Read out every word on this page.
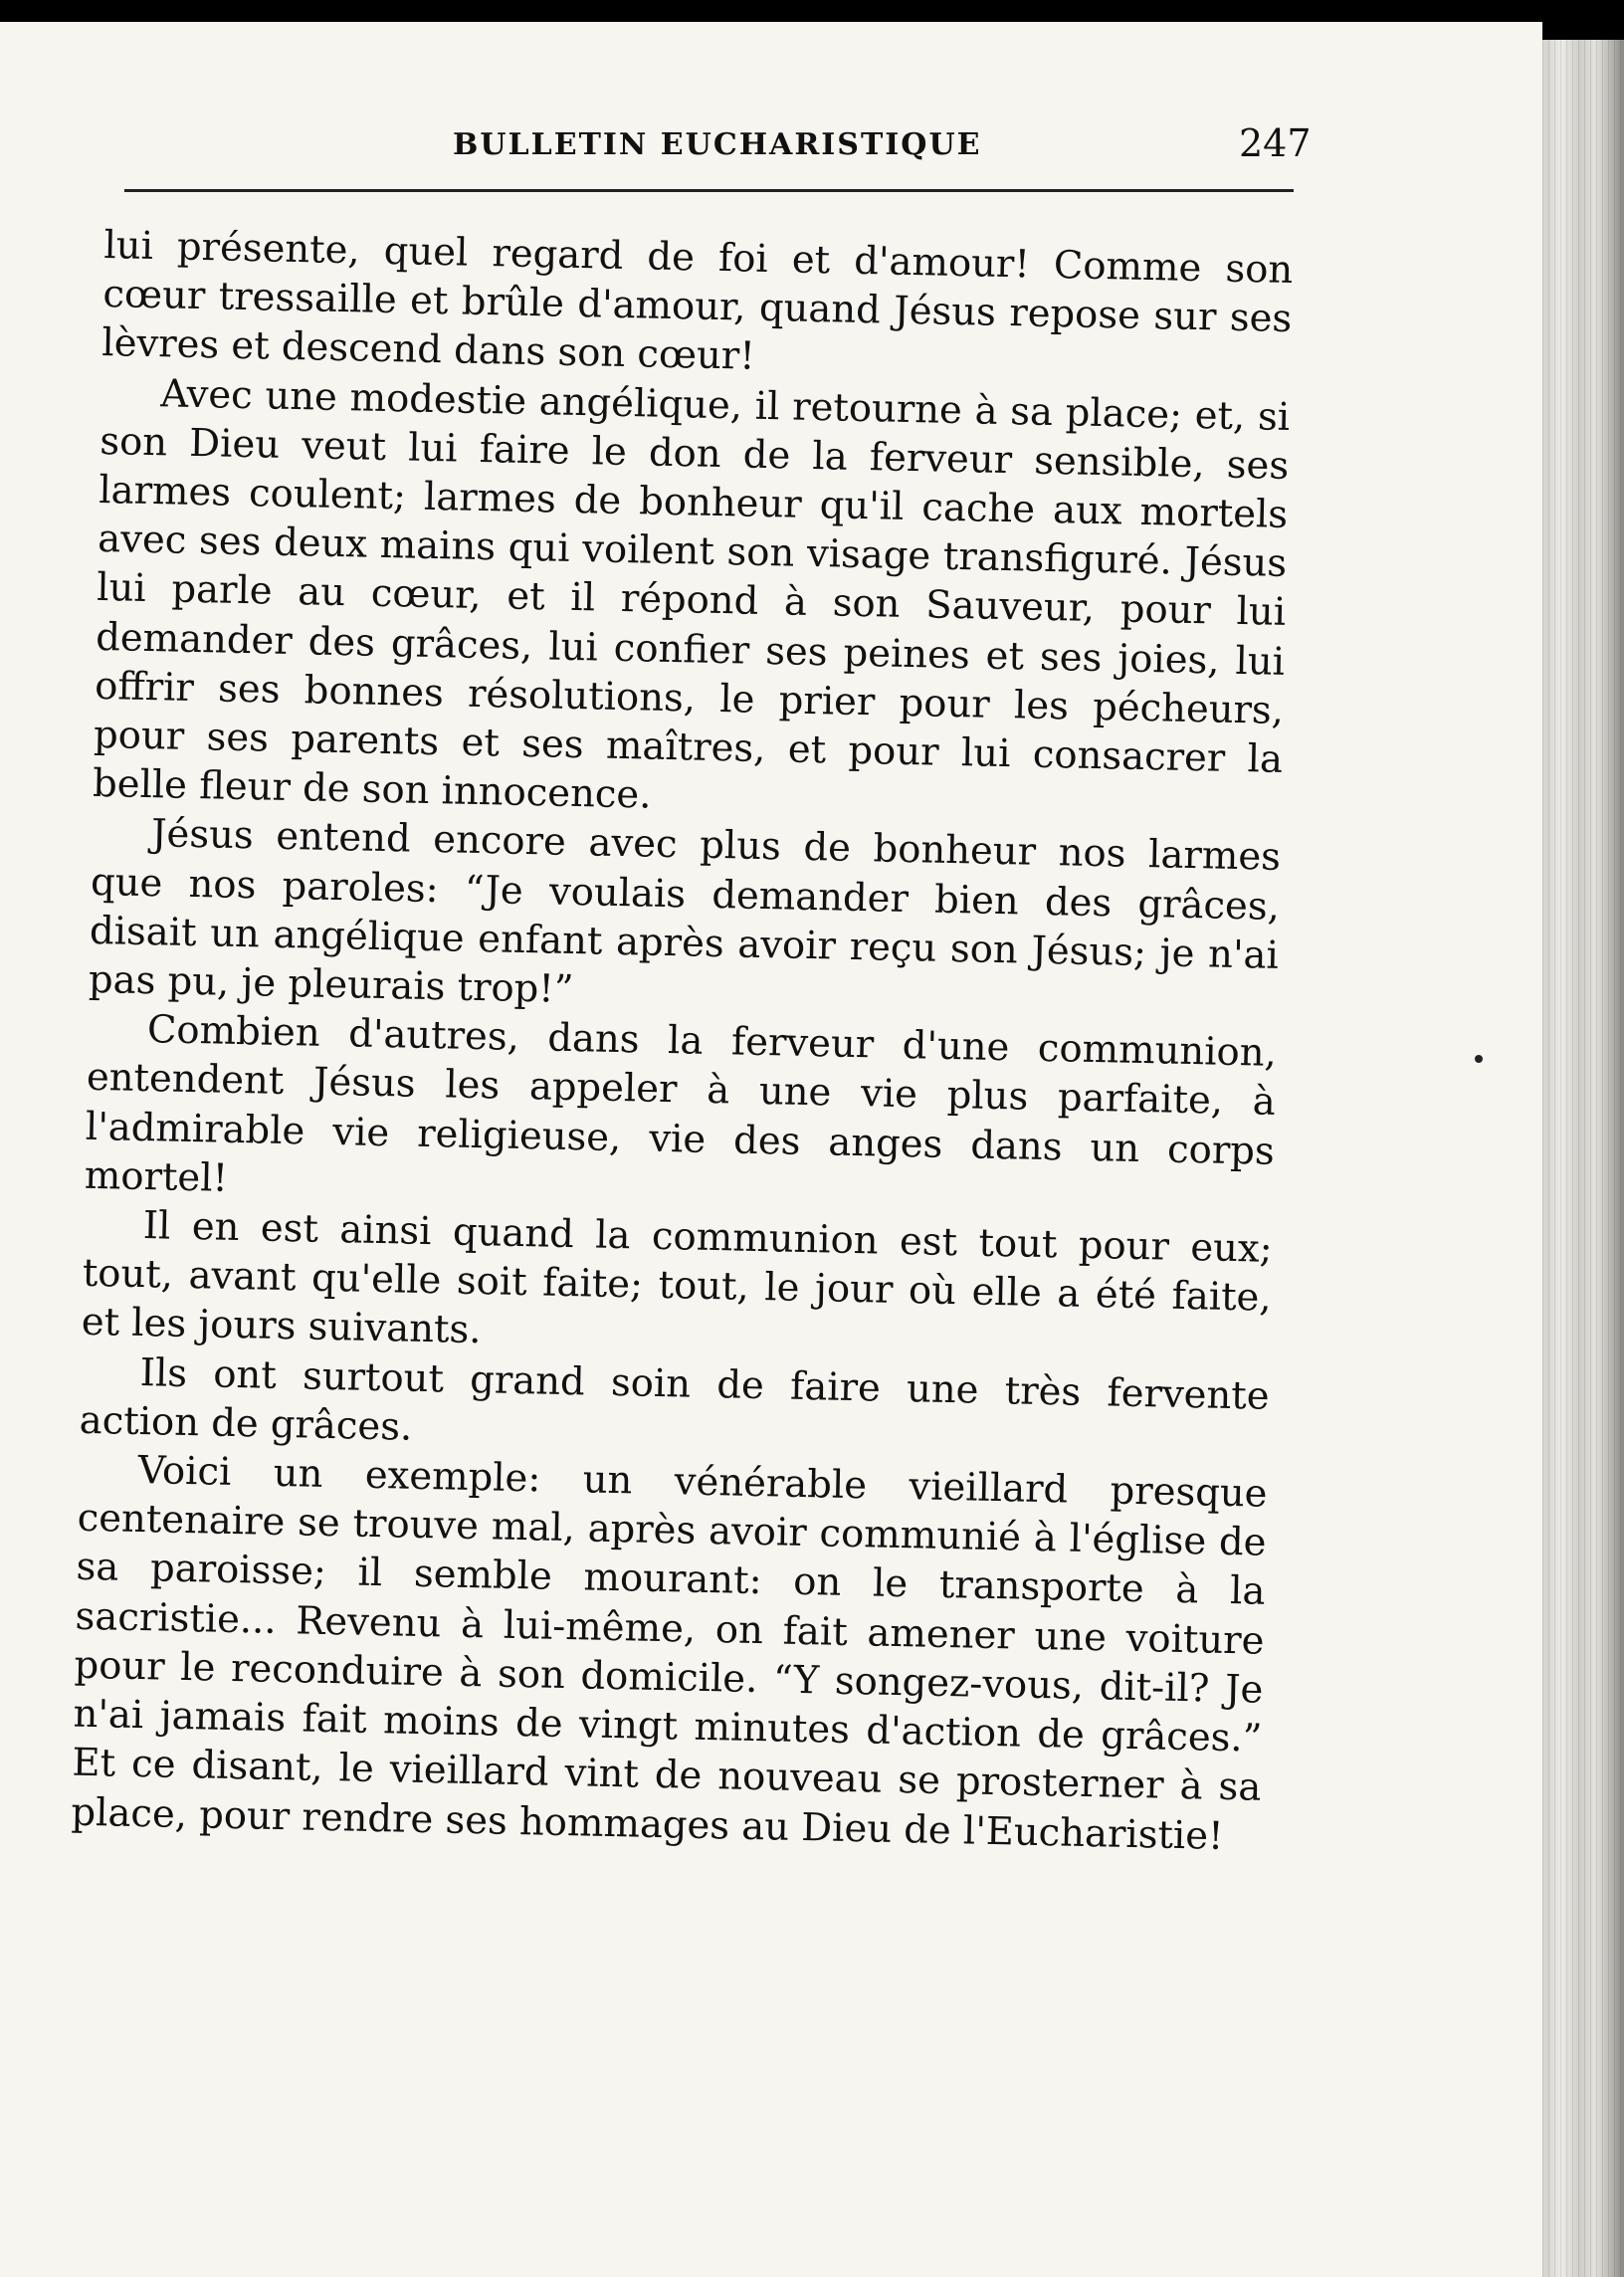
BULLETIN EUCHARISTIQUE	247

lui présente, quel regard de foi et d'amour! Comme son cœur tressaille et brûle d'amour, quand Jésus repose sur ses lèvres et descend dans son cœur!

Avec une modestie angélique, il retourne à sa place; et, si son Dieu veut lui faire le don de la ferveur sensible, ses larmes coulent; larmes de bonheur qu'il cache aux mortels avec ses deux mains qui voilent son visage transfiguré. Jésus lui parle au cœur, et il répond à son Sauveur, pour lui demander des grâces, lui confier ses peines et ses joies, lui offrir ses bonnes résolutions, le prier pour les pécheurs, pour ses parents et ses maîtres, et pour lui consacrer la belle fleur de son innocence.

Jésus entend encore avec plus de bonheur nos larmes que nos paroles: “Je voulais demander bien des grâces, disait un angélique enfant après avoir reçu son Jésus; je n'ai pas pu, je pleurais trop!”

Combien d'autres, dans la ferveur d'une communion, entendent Jésus les appeler à une vie plus parfaite, à l'admirable vie religieuse, vie des anges dans un corps mortel!

Il en est ainsi quand la communion est tout pour eux; tout, avant qu'elle soit faite; tout, le jour où elle a été faite, et les jours suivants.

Ils ont surtout grand soin de faire une très fervente action de grâces.

Voici un exemple: un vénérable vieillard presque centenaire se trouve mal, après avoir communié à l'église de sa paroisse; il semble mourant: on le transporte à la sacristie... Revenu à lui-même, on fait amener une voiture pour le reconduire à son domicile. “Y songez-vous, dit-il? Je n'ai jamais fait moins de vingt minutes d'action de grâces.” Et ce disant, le vieillard vint de nouveau se prosterner à sa place, pour rendre ses hommages au Dieu de l'Eucharistie!
